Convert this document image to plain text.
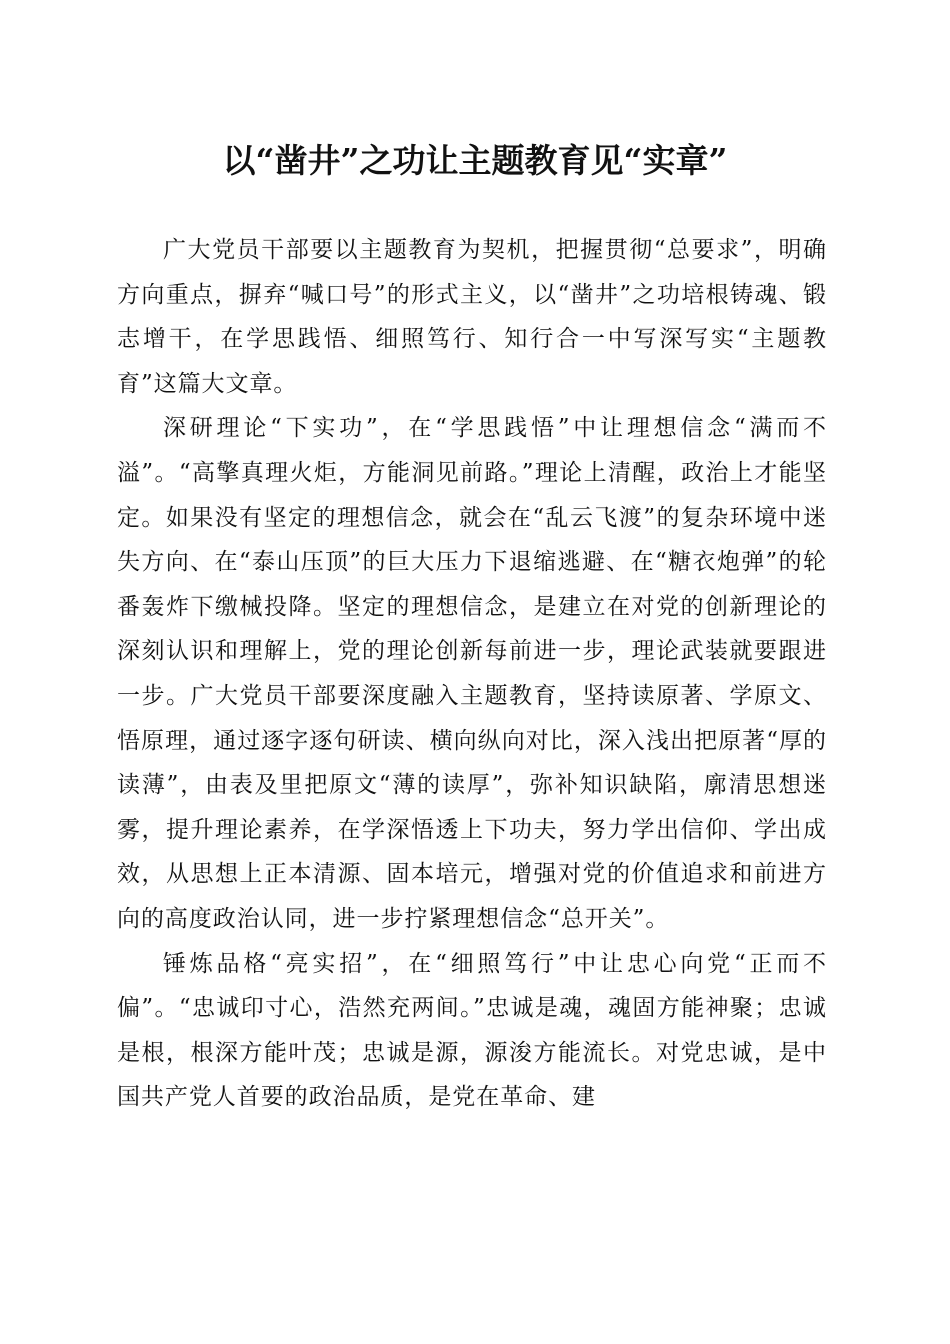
以“凿井”之功让主题教育见“实章”

广大党员干部要以主题教育为契机，把握贯彻“总要求”，明确方向重点，摒弃“喊口号”的形式主义，以“凿井”之功培根铸魂、锻志增干，在学思践悟、细照笃行、知行合一中写深写实“主题教育”这篇大文章。

深研理论“下实功”，在“学思践悟”中让理想信念“满而不溢”。“高擎真理火炬，方能洞见前路。”理论上清醒，政治上才能坚定。如果没有坚定的理想信念，就会在“乱云飞渡”的复杂环境中迷失方向、在“泰山压顶”的巨大压力下退缩逃避、在“糖衣炮弹”的轮番轰炸下缴械投降。坚定的理想信念，是建立在对党的创新理论的深刻认识和理解上，党的理论创新每前进一步，理论武装就要跟进一步。广大党员干部要深度融入主题教育，坚持读原著、学原文、悟原理，通过逐字逐句研读、横向纵向对比，深入浅出把原著“厚的读薄”，由表及里把原文“薄的读厚”，弥补知识缺陷，廓清思想迷雾，提升理论素养，在学深悟透上下功夫，努力学出信仰、学出成效，从思想上正本清源、固本培元，增强对党的价值追求和前进方向的高度政治认同，进一步拧紧理想信念“总开关”。

锤炼品格“亮实招”，在“细照笃行”中让忠心向党“正而不偏”。“忠诚印寸心，浩然充两间。”忠诚是魂，魂固方能神聚；忠诚是根，根深方能叶茂；忠诚是源，源浚方能流长。对党忠诚，是中国共产党人首要的政治品质，是党在革命、建
